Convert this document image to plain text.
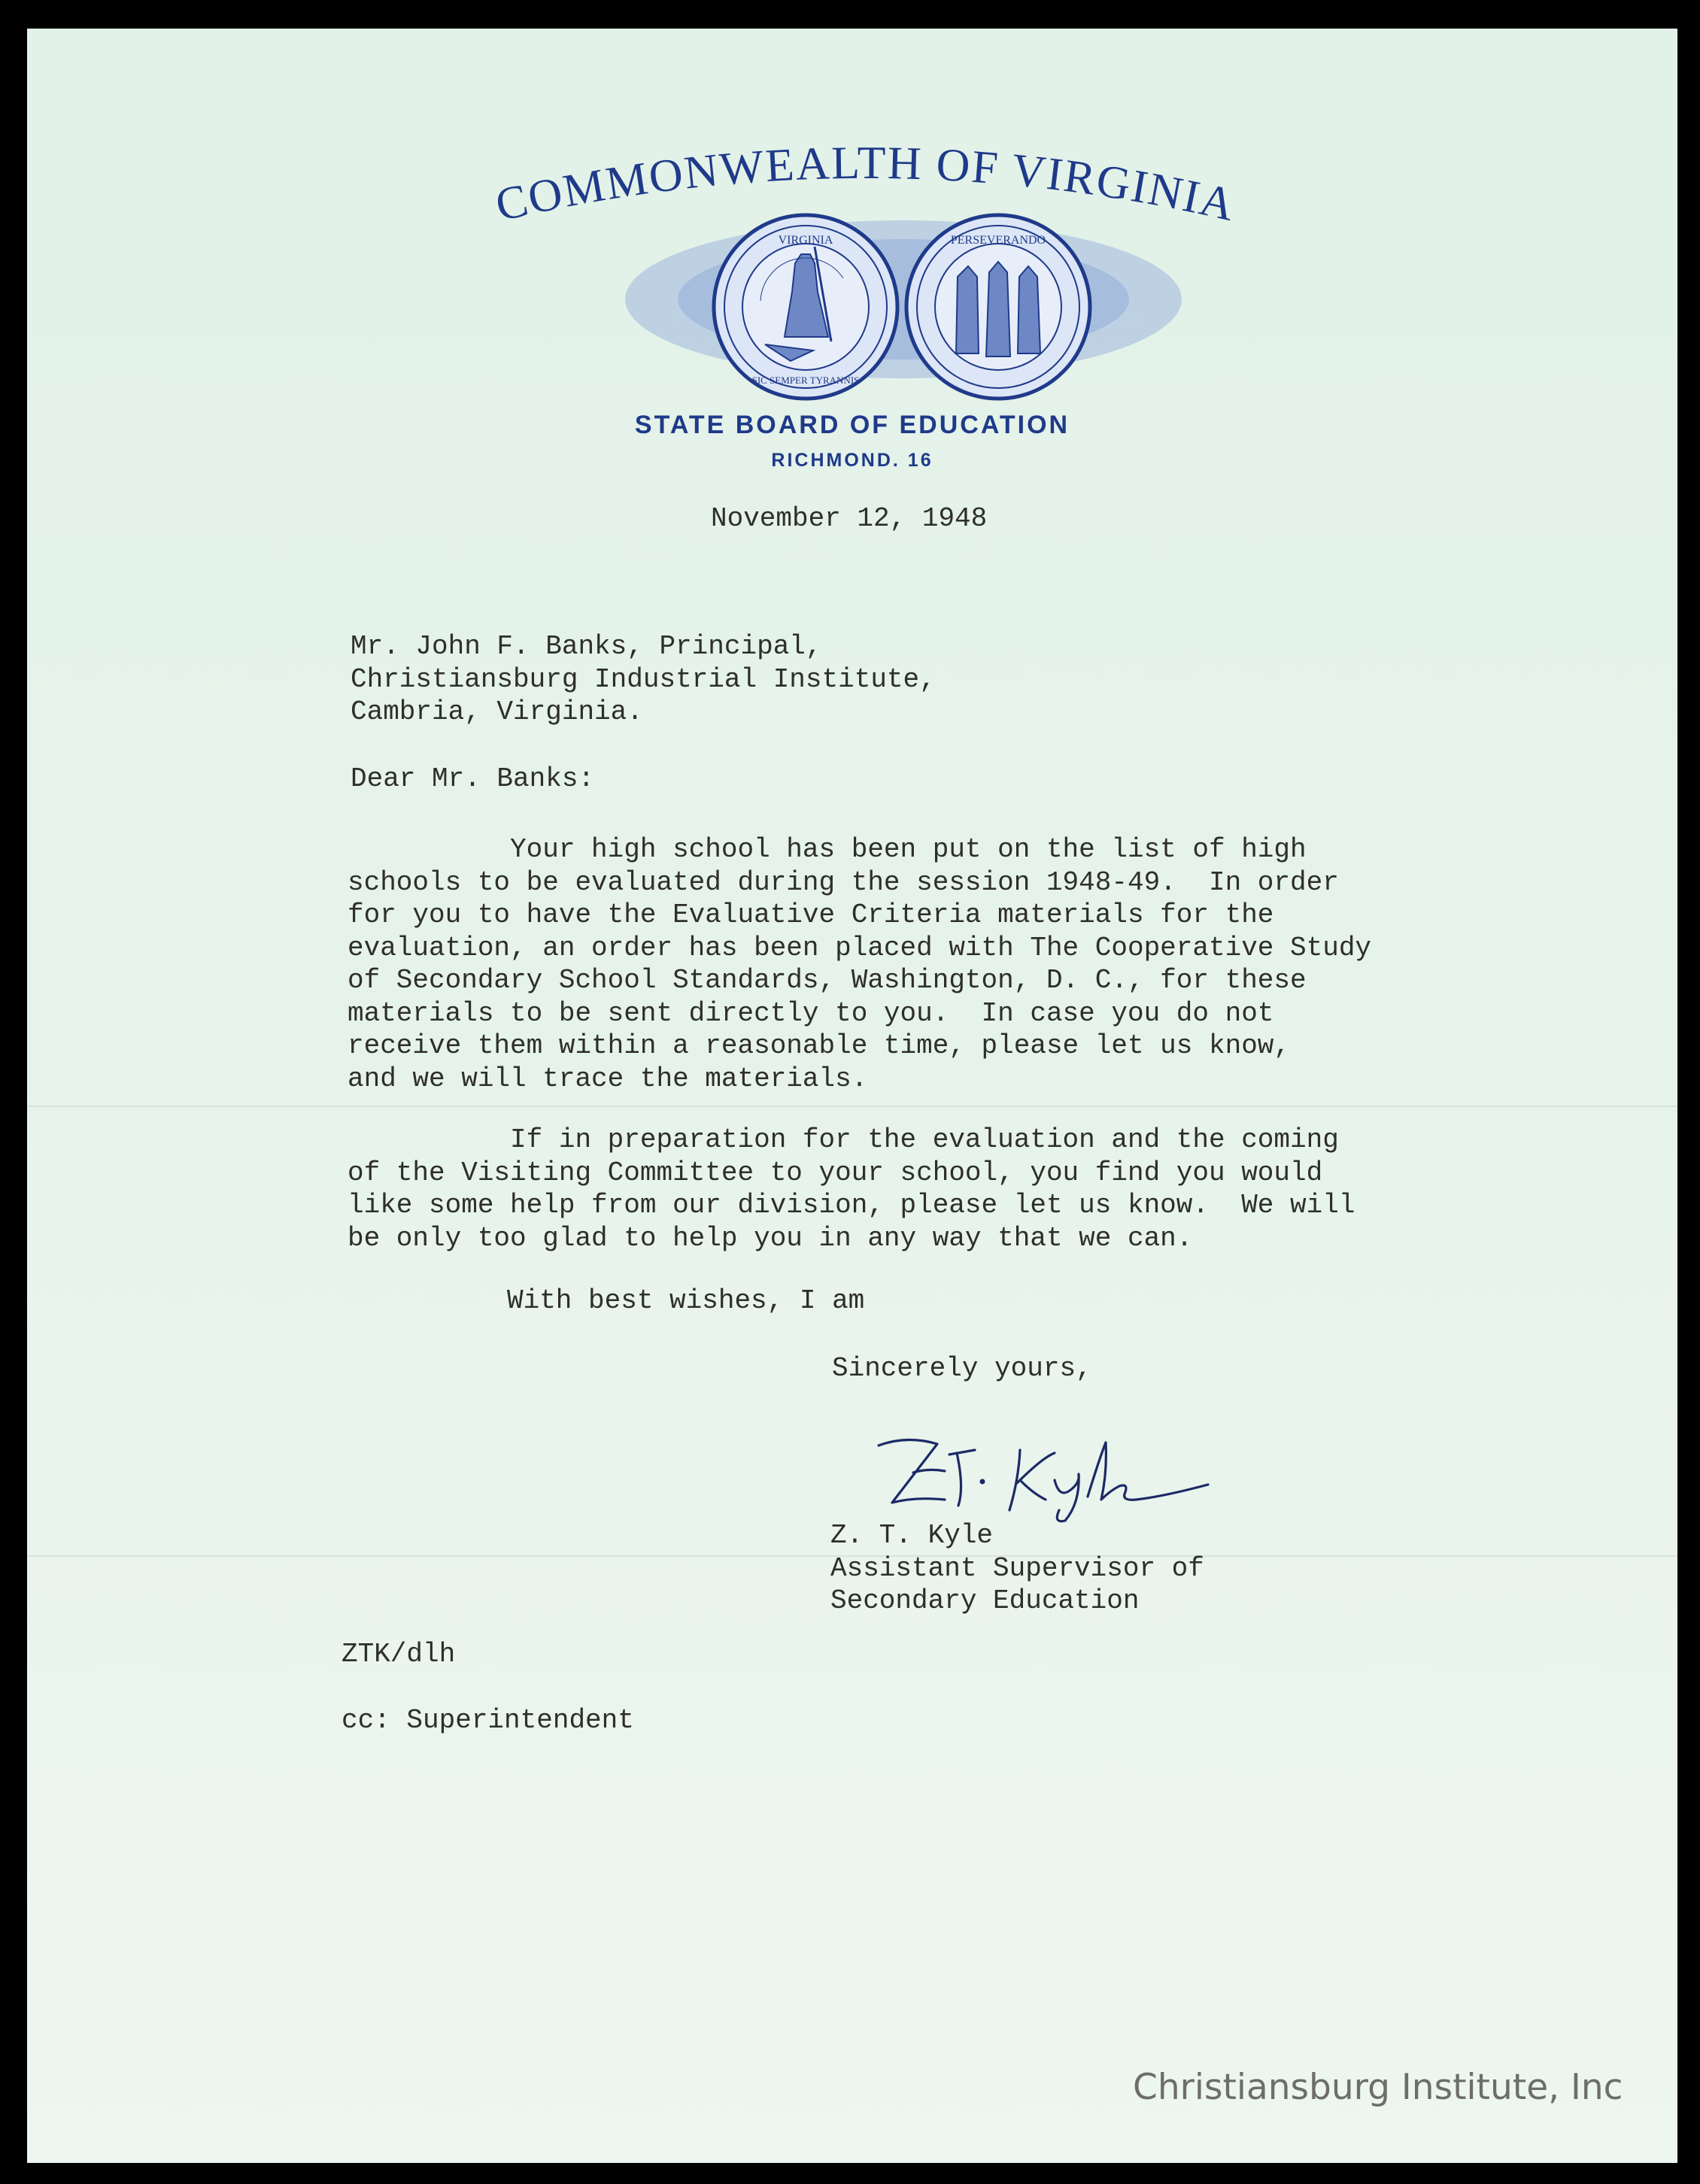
COMMONWEALTH OF VIRGINIA
VIRGINIA
SIC SEMPER TYRANNIS
PERSEVERANDO
STATE BOARD OF EDUCATION
RICHMOND. 16
November 12, 1948
Mr. John F. Banks, Principal,
Christiansburg Industrial Institute,
Cambria, Virginia.
Dear Mr. Banks:
Your high school has been put on the list of high
schools to be evaluated during the session 1948-49.  In order
for you to have the Evaluative Criteria materials for the
evaluation, an order has been placed with The Cooperative Study
of Secondary School Standards, Washington, D. C., for these
materials to be sent directly to you.  In case you do not
receive them within a reasonable time, please let us know,
and we will trace the materials.
If in preparation for the evaluation and the coming
of the Visiting Committee to your school, you find you would
like some help from our division, please let us know.  We will
be only too glad to help you in any way that we can.
With best wishes, I am
Sincerely yours,
Z. T. Kyle
Assistant Supervisor of
Secondary Education
ZTK/dlh
cc: Superintendent
Christiansburg Institute, Inc
